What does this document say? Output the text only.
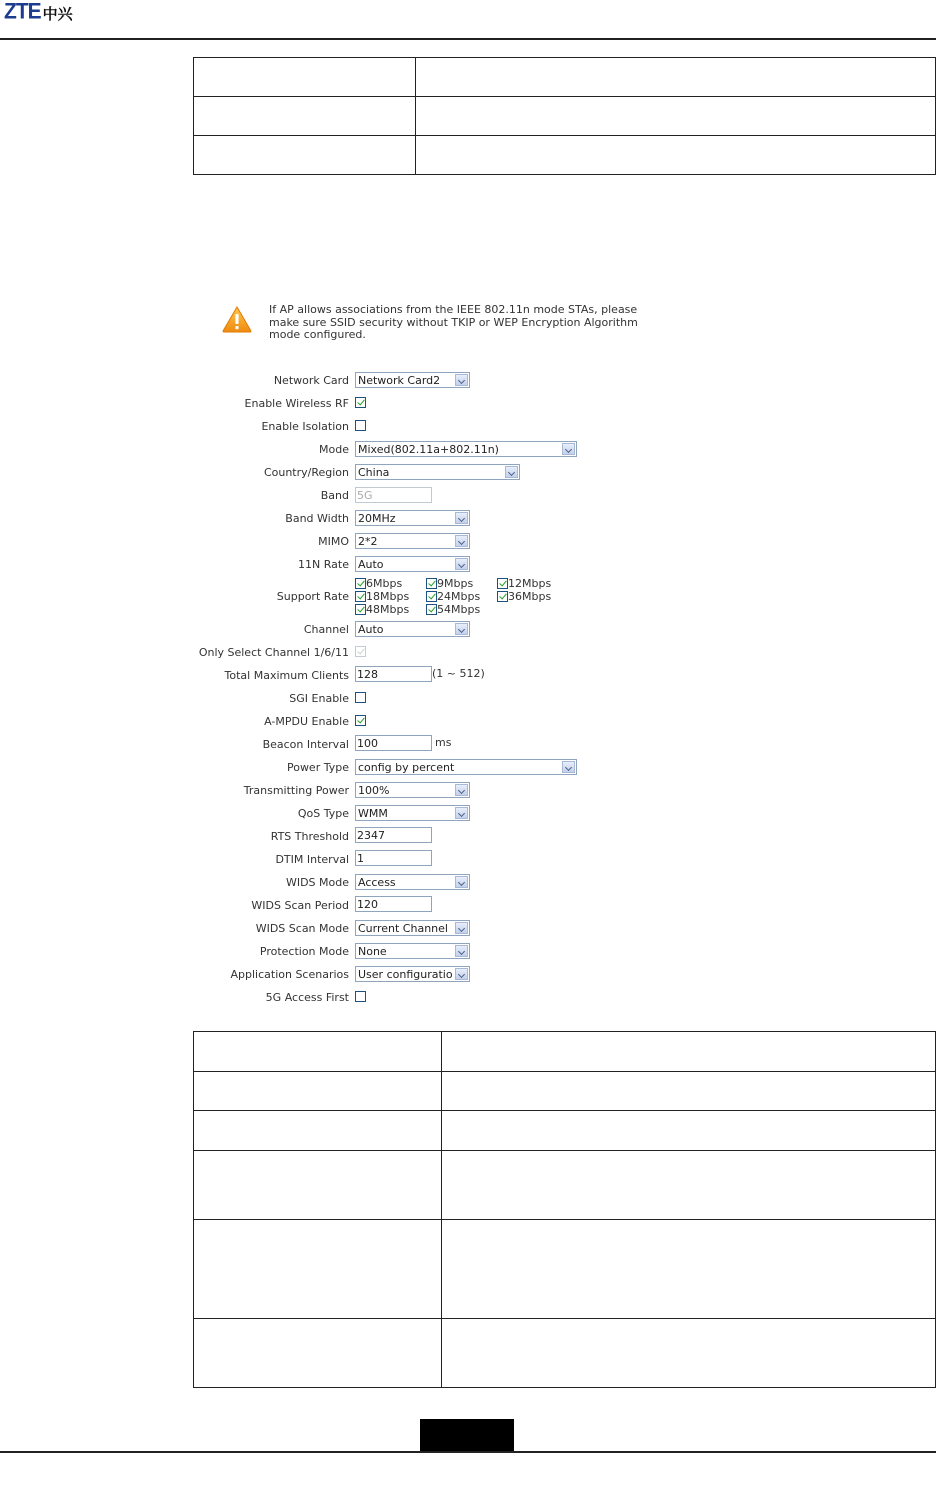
ZTE 中兴

If AP allows associations from the IEEE 802.11n mode STAs, please
make sure SSID security without TKIP or WEP Encryption Algorithm
mode configured.
Network Card Network Card2
Enable Wireless RF
Enable Isolation
Mode Mixed(802.11a+802.11n)
Country/Region China
Band 5G
Band Width 20MHz
MIMO 2*2
11N Rate Auto
Support Rate
6Mbps	9Mbps	12Mbps
18Mbps	24Mbps	36Mbps
48Mbps	54Mbps
Channel Auto
Only Select Channel 1/6/11
Total Maximum Clients 128	(1 ~ 512)
SGI Enable
A-MPDU Enable
Beacon Interval 100	ms
Power Type config by percent
Transmitting Power 100%
QoS Type WMM
RTS Threshold 2347
DTIM Interval 1
WIDS Mode Access
WIDS Scan Period 120
WIDS Scan Mode Current Channel
Protection Mode None
Application Scenarios User configuratio
5G Access First
